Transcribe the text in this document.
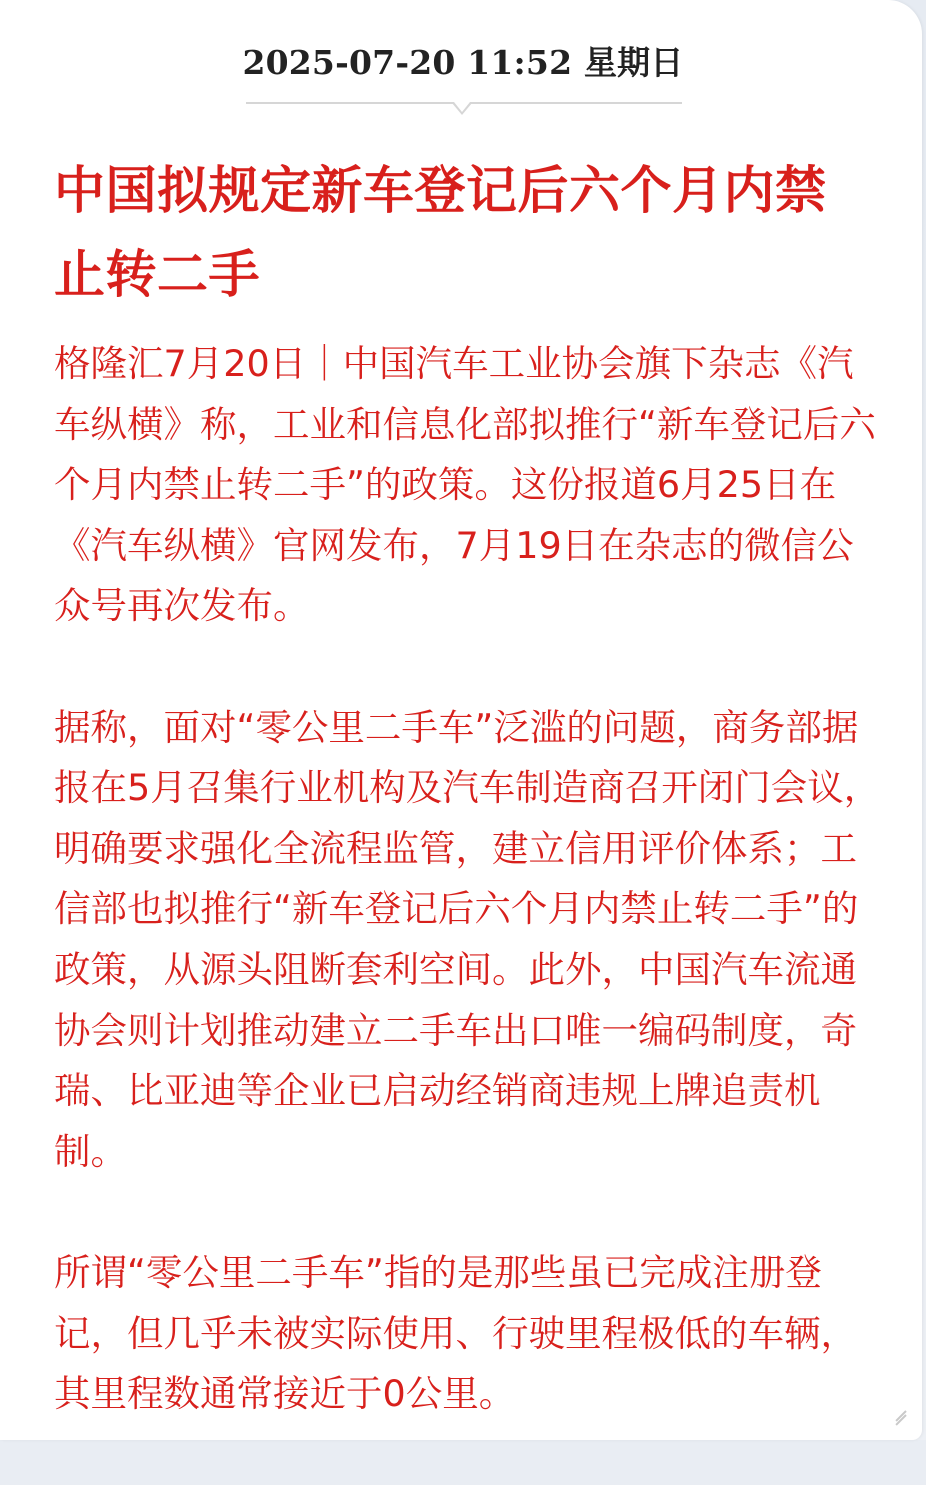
2025-07-20 11:52 星期日
中国拟规定新车登记后六个月内禁止转二手

格隆汇7月20日｜中国汽车工业协会旗下杂志《汽车纵横》称，工业和信息化部拟推行“新车登记后六个月内禁止转二手”的政策。这份报道6月25日在《汽车纵横》官网发布，7月19日在杂志的微信公众号再次发布。

据称，面对“零公里二手车”泛滥的问题，商务部据报在5月召集行业机构及汽车制造商召开闭门会议，明确要求强化全流程监管，建立信用评价体系；工信部也拟推行“新车登记后六个月内禁止转二手”的政策，从源头阻断套利空间。此外，中国汽车流通协会则计划推动建立二手车出口唯一编码制度，奇瑞、比亚迪等企业已启动经销商违规上牌追责机制。

所谓“零公里二手车”指的是那些虽已完成注册登记，但几乎未被实际使用、行驶里程极低的车辆，其里程数通常接近于0公里。
